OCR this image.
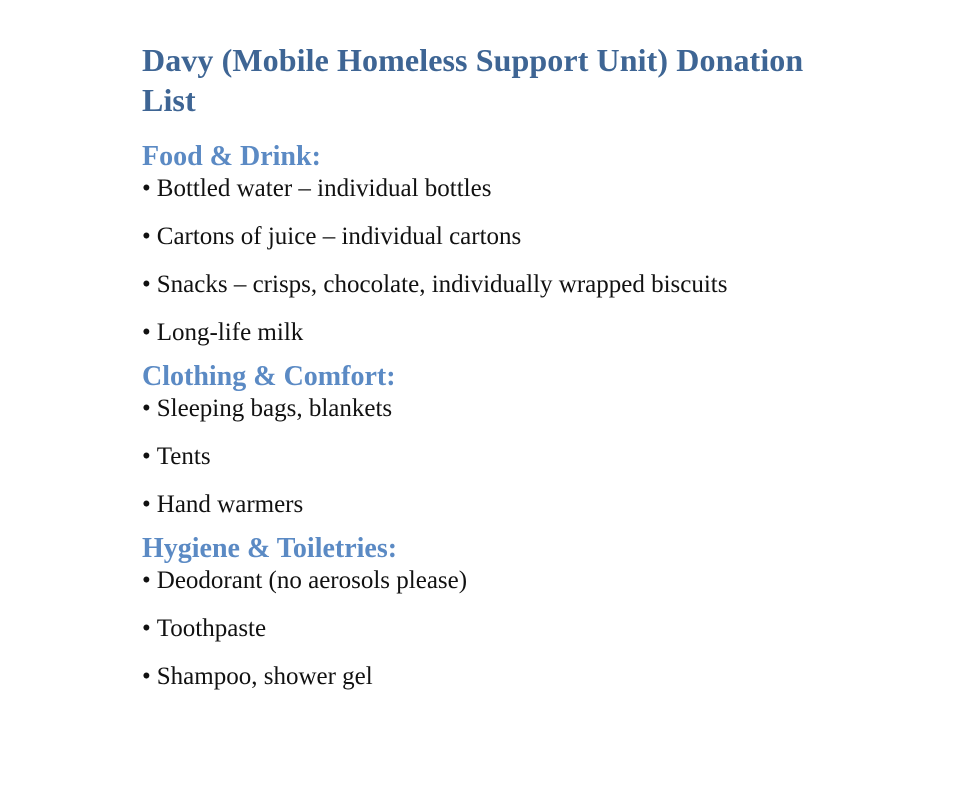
Davy (Mobile Homeless Support Unit) Donation List
Food & Drink:
• Bottled water – individual bottles
• Cartons of juice – individual cartons
• Snacks – crisps, chocolate, individually wrapped biscuits
• Long-life milk
Clothing & Comfort:
• Sleeping bags, blankets
• Tents
• Hand warmers
Hygiene & Toiletries:
• Deodorant (no aerosols please)
• Toothpaste
• Shampoo, shower gel
